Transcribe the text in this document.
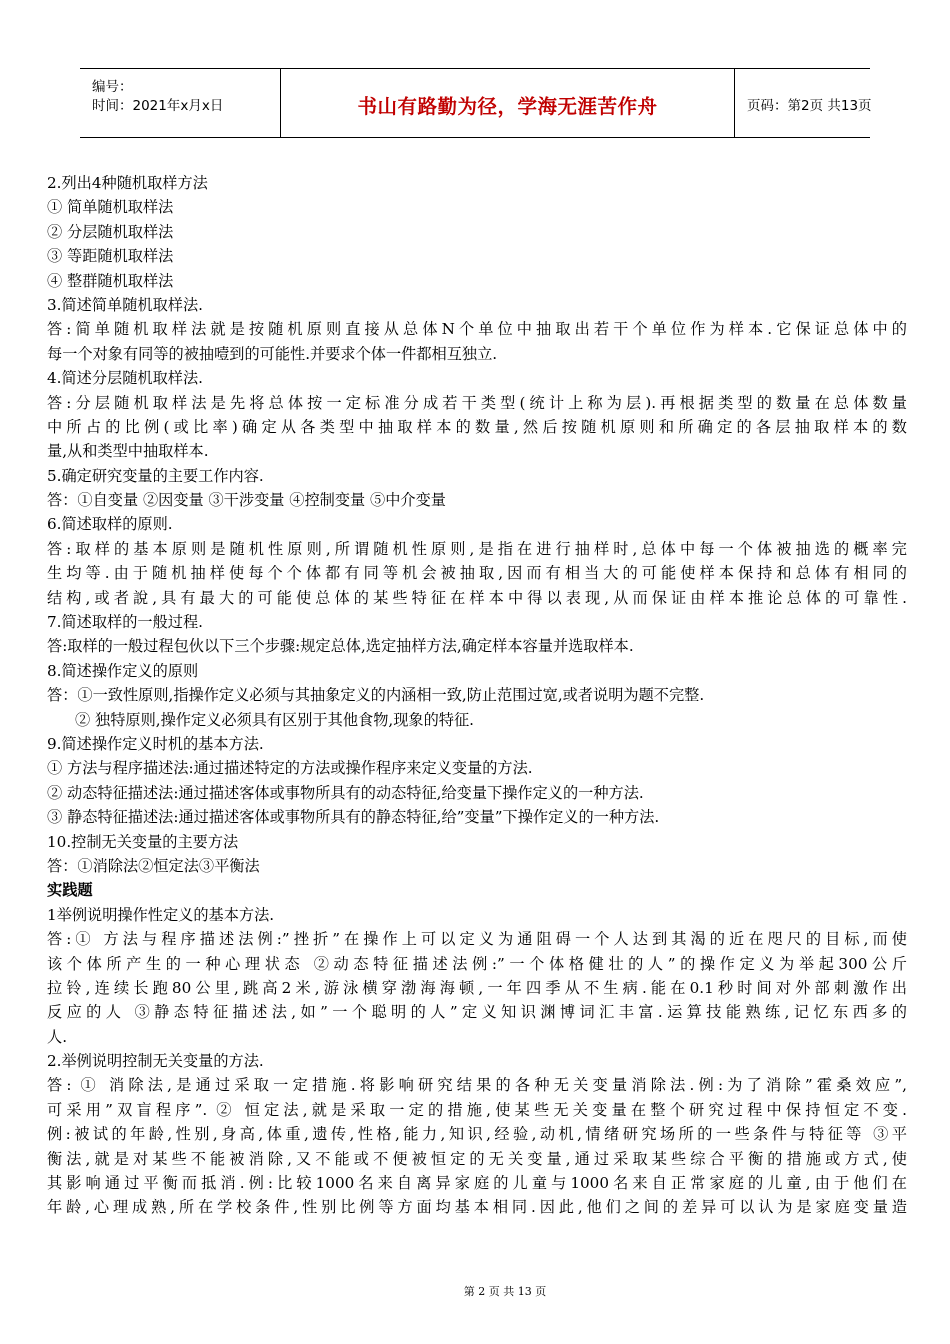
编号：
时间：2021年x月x日	书山有路勤为径，学海无涯苦作舟	页码：第2页 共13页
2.列出4种随机取样方法
① 简单随机取样法
② 分层随机取样法
③ 等距随机取样法
④ 整群随机取样法
3.简述简单随机取样法.
答:简单随机取样法就是按随机原则直接从总体N个单位中抽取出若干个单位作为样本.它保证总体中的
每一个对象有同等的被抽噎到的可能性.并要求个体一件都相互独立.
4.简述分层随机取样法.
答:分层随机取样法是先将总体按一定标准分成若干类型(统计上称为层).再根据类型的数量在总体数量
中所占的比例(或比率)确定从各类型中抽取样本的数量,然后按随机原则和所确定的各层抽取样本的数
量,从和类型中抽取样本.
5.确定研究变量的主要工作内容.
答：①自变量 ②因变量 ③干涉变量 ④控制变量 ⑤中介变量
6.简述取样的原则.
答:取样的基本原则是随机性原则,所谓随机性原则,是指在进行抽样时,总体中每一个体被抽选的概率完
生均等.由于随机抽样使每个个体都有同等机会被抽取,因而有相当大的可能使样本保持和总体有相同的
结构,或者說,具有最大的可能使总体的某些特征在样本中得以表现,从而保证由样本推论总体的可靠性.
7.简述取样的一般过程.
答:取样的一般过程包伙以下三个步骤:规定总体,选定抽样方法,确定样本容量并选取样本.
8.简述操作定义的原则
答：①一致性原则,指操作定义必须与其抽象定义的内涵相一致,防止范围过宽,或者说明为题不完整.
② 独特原则,操作定义必须具有区别于其他食物,现象的特征.
9.简述操作定义时机的基本方法.
① 方法与程序描述法:通过描述特定的方法或操作程序来定义变量的方法.
② 动态特征描述法:通过描述客体或事物所具有的动态特征,给变量下操作定义的一种方法.
③ 静态特征描述法:通过描述客体或事物所具有的静态特征,给”变量”下操作定义的一种方法.
10.控制无关变量的主要方法
答：①消除法②恒定法③平衡法
实践题
1举例说明操作性定义的基本方法.
答:① 方法与程序描述法例:”挫折”在操作上可以定义为通阻碍一个人达到其渴的近在咫尺的目标,而使
该个体所产生的一种心理状态 ②动态特征描述法例:”一个体格健壮的人”的操作定义为举起300公斤
拉铃,连续长跑80公里,跳高2米,游泳横穿渤海海顿,一年四季从不生病.能在0.1秒时间对外部刺激作出
反应的人 ③静态特征描述法,如”一个聪明的人”定义知识渊博词汇丰富.运算技能熟练,记忆东西多的
人.
2.举例说明控制无关变量的方法.
答: ① 消除法,是通过采取一定措施.将影响研究结果的各种无关变量消除法.例:为了消除”霍桑效应”,
可采用”双盲程序”. ② 恒定法,就是采取一定的措施,使某些无关变量在整个研究过程中保持恒定不变.
例:被试的年龄,性别,身高,体重,遗传,性格,能力,知识,经验,动机,情绪研究场所的一些条件与特征等 ③平
衡法,就是对某些不能被消除,又不能或不便被恒定的无关变量,通过采取某些综合平衡的措施或方式,使
其影响通过平衡而抵消.例:比较1000名来自离异家庭的儿童与1000名来自正常家庭的儿童,由于他们在
年龄,心理成熟,所在学校条件,性别比例等方面均基本相同.因此,他们之间的差异可以认为是家庭变量造
第 2 页 共 13 页
